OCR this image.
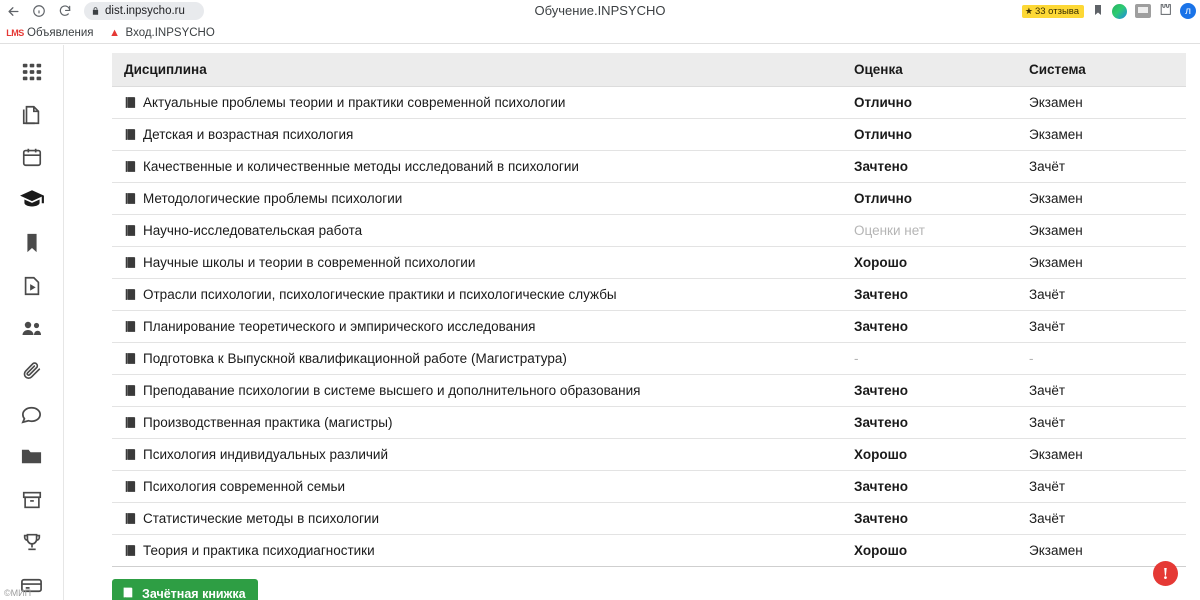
dist.inpsycho.ru	Обучение.INPSYCHO	★ 33 отзыва	л
LMS Объявления ▲ Вход.INPSYCHO
©МИП
Дисциплина	Оценка	Система
Актуальные проблемы теории и практики современной психологии	Отлично	Экзамен
Детская и возрастная психология	Отлично	Экзамен
Качественные и количественные методы исследований в психологии	Зачтено	Зачёт
Методологические проблемы психологии	Отлично	Экзамен
Научно-исследовательская работа	Оценки нет	Экзамен
Научные школы и теории в современной психологии	Хорошо	Экзамен
Отрасли психологии, психологические практики и психологические службы	Зачтено	Зачёт
Планирование теоретического и эмпирического исследования	Зачтено	Зачёт
Подготовка к Выпускной квалификационной работе (Магистратура)	-	-
Преподавание психологии в системе высшего и дополнительного образования	Зачтено	Зачёт
Производственная практика (магистры)	Зачтено	Зачёт
Психология индивидуальных различий	Хорошо	Экзамен
Психология современной семьи	Зачтено	Зачёт
Статистические методы в психологии	Зачтено	Зачёт
Теория и практика психодиагностики	Хорошо	Экзамен
Зачётная книжка
!
